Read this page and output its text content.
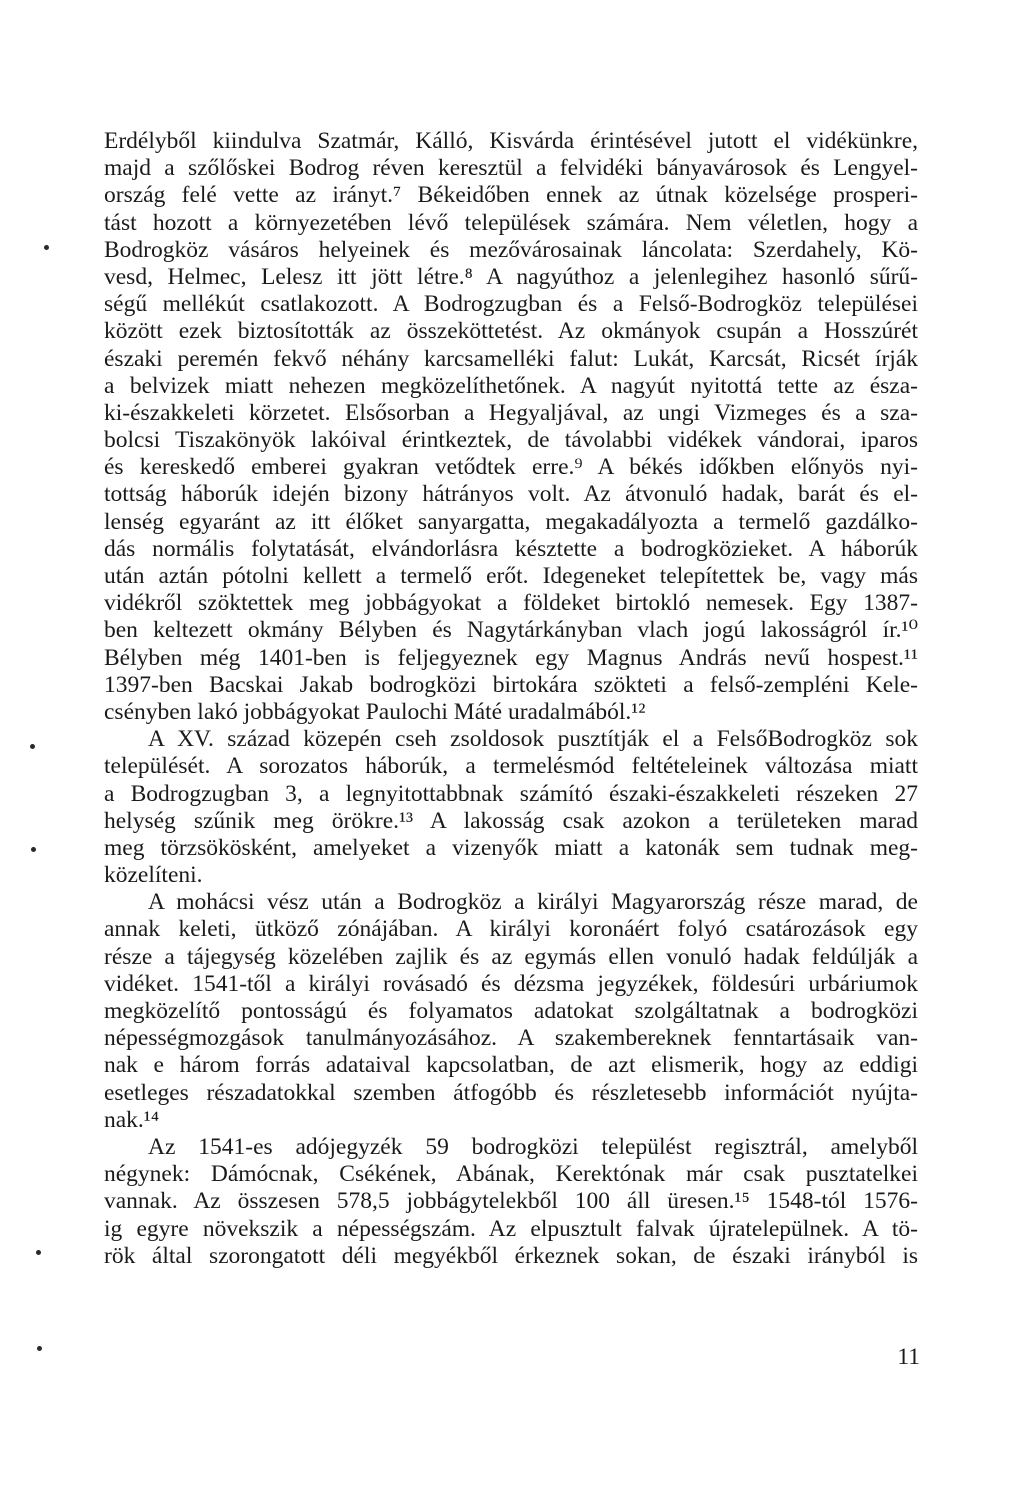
Erdélyből kiindulva Szatmár, Kálló, Kisvárda érintésével jutott el vidékünkre,
majd a szőlőskei Bodrog réven keresztül a felvidéki bányavárosok és Lengyel-
ország felé vette az irányt.⁷ Békeidőben ennek az útnak közelsége prosperi-
tást hozott a környezetében lévő települések számára. Nem véletlen, hogy a
Bodrogköz vásáros helyeinek és mezővárosainak láncolata: Szerdahely, Kö-
vesd, Helmec, Lelesz itt jött létre.⁸ A nagyúthoz a jelenlegihez hasonló sűrű-
ségű mellékút csatlakozott. A Bodrogzugban és a Felső-Bodrogköz települései
között ezek biztosították az összeköttetést. Az okmányok csupán a Hosszúrét
északi peremén fekvő néhány karcsamelléki falut: Lukát, Karcsát, Ricsét írják
a belvizek miatt nehezen megközelíthetőnek. A nagyút nyitottá tette az észa-
ki-északkeleti körzetet. Elsősorban a Hegyaljával, az ungi Vizmeges és a sza-
bolcsi Tiszakönyök lakóival érintkeztek, de távolabbi vidékek vándorai, iparos
és kereskedő emberei gyakran vetődtek erre.⁹ A békés időkben előnyös nyi-
tottság háborúk idején bizony hátrányos volt. Az átvonuló hadak, barát és el-
lenség egyaránt az itt élőket sanyargatta, megakadályozta a termelő gazdálko-
dás normális folytatását, elvándorlásra késztette a bodrogközieket. A háborúk
után aztán pótolni kellett a termelő erőt. Idegeneket telepítettek be, vagy más
vidékről szöktettek meg jobbágyokat a földeket birtokló nemesek. Egy 1387-
ben keltezett okmány Bélyben és Nagytárkányban vlach jogú lakosságról ír.¹⁰
Bélyben még 1401-ben is feljegyeznek egy Magnus András nevű hospest.¹¹
1397-ben Bacskai Jakab bodrogközi birtokára szökteti a felső-zempléni Kele-
csényben lakó jobbágyokat Paulochi Máté uradalmából.¹²
A XV. század közepén cseh zsoldosok pusztítják el a FelsőBodrogköz sok
települését. A sorozatos háborúk, a termelésmód feltételeinek változása miatt
a Bodrogzugban 3, a legnyitottabbnak számító északi-északkeleti részeken 27
helység szűnik meg örökre.¹³ A lakosság csak azokon a területeken marad
meg törzsökösként, amelyeket a vizenyők miatt a katonák sem tudnak meg-
közelíteni.
A mohácsi vész után a Bodrogköz a királyi Magyarország része marad, de
annak keleti, ütköző zónájában. A királyi koronáért folyó csatározások egy
része a tájegység közelében zajlik és az egymás ellen vonuló hadak feldúlják a
vidéket. 1541-től a királyi rovásadó és dézsma jegyzékek, földesúri urbáriumok
megközelítő pontosságú és folyamatos adatokat szolgáltatnak a bodrogközi
népességmozgások tanulmányozásához. A szakembereknek fenntartásaik van-
nak e három forrás adataival kapcsolatban, de azt elismerik, hogy az eddigi
esetleges részadatokkal szemben átfogóbb és részletesebb információt nyújta-
nak.¹⁴
Az 1541-es adójegyzék 59 bodrogközi települést regisztrál, amelyből
négynek: Dámócnak, Csékének, Abának, Kerektónak már csak pusztatelkei
vannak. Az összesen 578,5 jobbágytelekből 100 áll üresen.¹⁵ 1548-tól 1576-
ig egyre növekszik a népességszám. Az elpusztult falvak újratelepülnek. A tö-
rök által szorongatott déli megyékből érkeznek sokan, de északi irányból is
11
